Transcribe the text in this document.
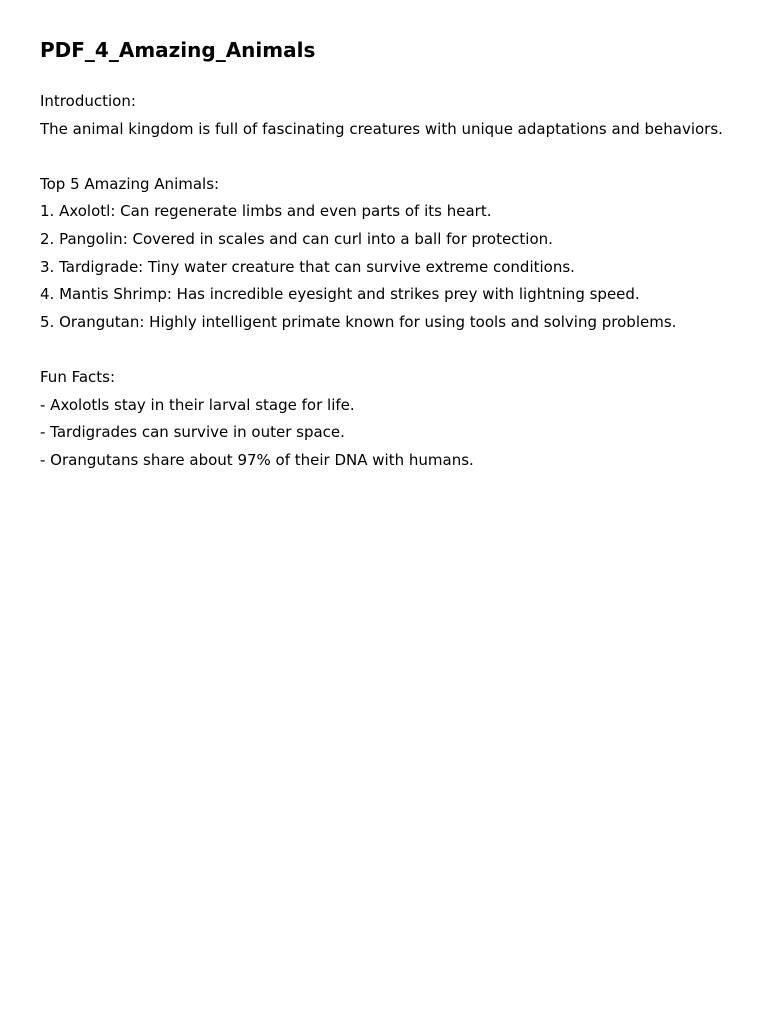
PDF_4_Amazing_Animals

Introduction:

The animal kingdom is full of fascinating creatures with unique adaptations and behaviors.

Top 5 Amazing Animals:

1. Axolotl: Can regenerate limbs and even parts of its heart.

2. Pangolin: Covered in scales and can curl into a ball for protection.

3. Tardigrade: Tiny water creature that can survive extreme conditions.

4. Mantis Shrimp: Has incredible eyesight and strikes prey with lightning speed.

5. Orangutan: Highly intelligent primate known for using tools and solving problems.

Fun Facts:

- Axolotls stay in their larval stage for life.

- Tardigrades can survive in outer space.

- Orangutans share about 97% of their DNA with humans.
